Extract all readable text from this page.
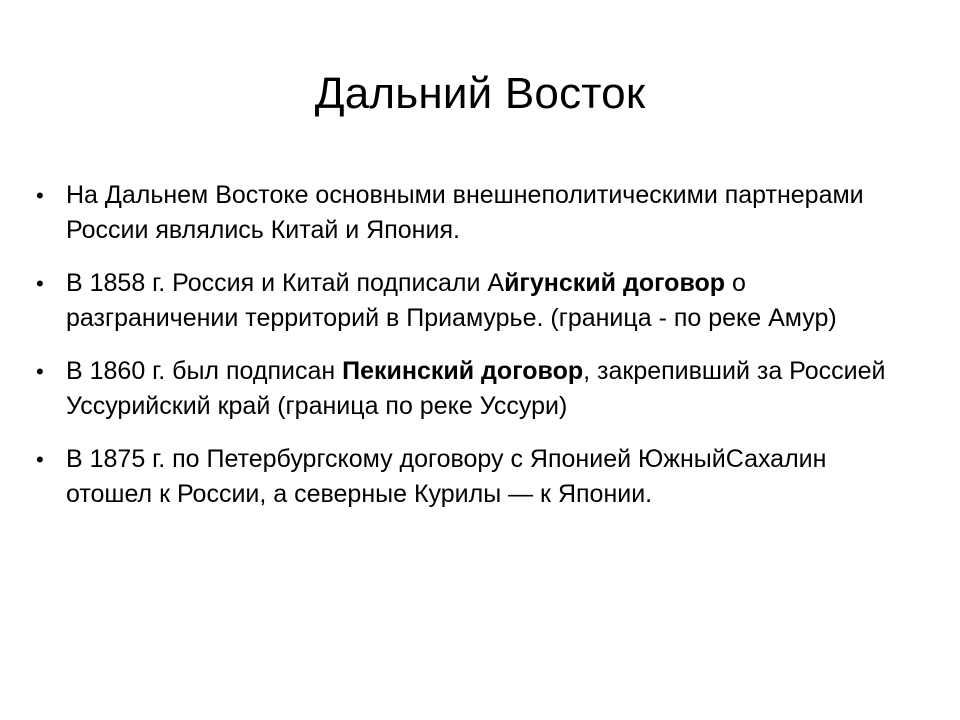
Дальний Восток
• На Дальнем Востоке основными внешнеполитическими партнерами России являлись Китай и Япония.
• В 1858 г. Россия и Китай подписали Айгунский договор о разграничении территорий в Приамурье. (граница - по реке Амур)
• В 1860 г. был подписан Пекинский договор, закрепивший за Россией Уссурийский край (граница по реке Уссури)
• В 1875 г. по Петербургскому договору с Японией ЮжныйСахалин отошел к России, а северные Курилы — к Японии.
